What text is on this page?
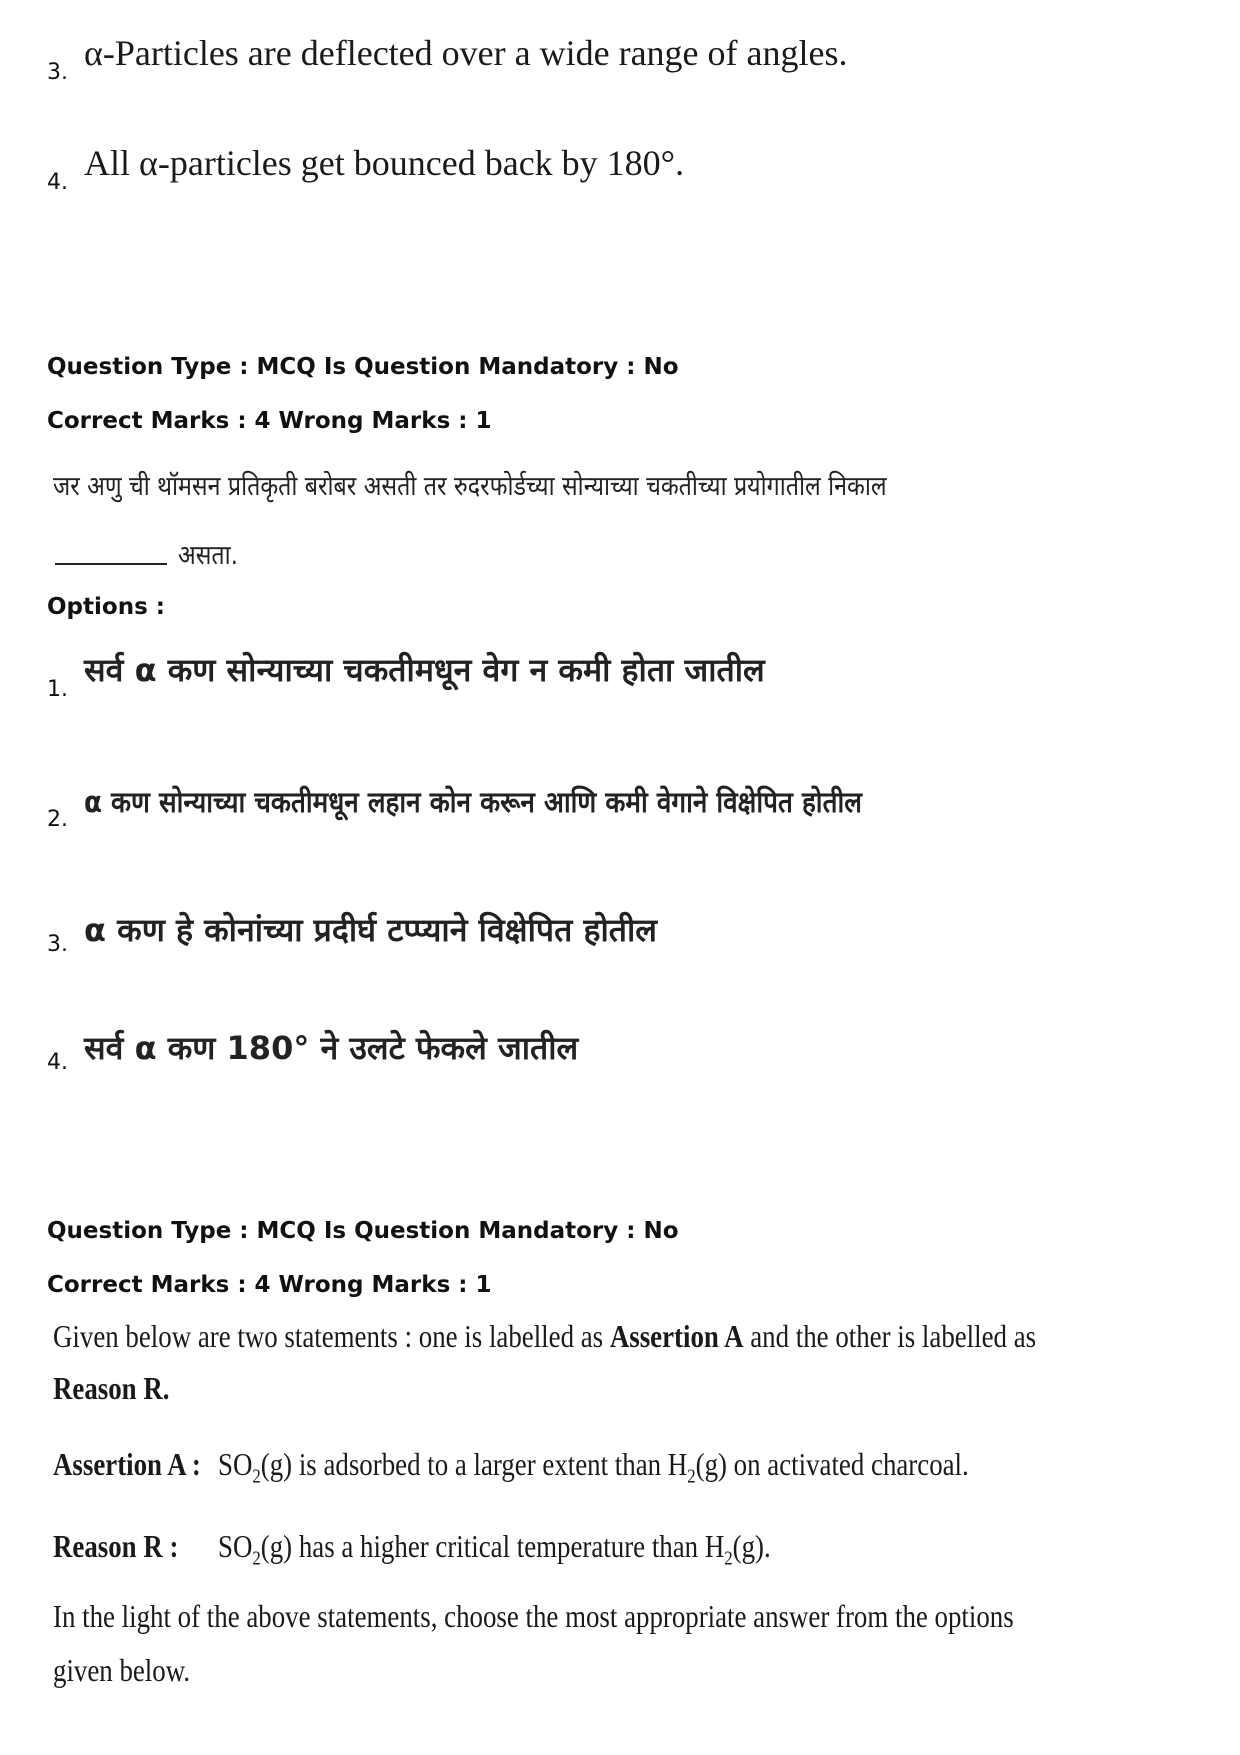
3. α-Particles are deflected over a wide range of angles.
4. All α-particles get bounced back by 180°.
Question Type : MCQ Is Question Mandatory : No
Correct Marks : 4 Wrong Marks : 1
जर अणु ची थॉमसन प्रतिकृती बरोबर असती तर रुदरफोर्डच्या सोन्याच्या चकतीच्या प्रयोगातील निकाल
असता.
Options :
1.
सर्व α कण सोन्याच्या चकतीमधून वेग न कमी होता जातील
2.
α कण सोन्याच्या चकतीमधून लहान कोन करून आणि कमी वेगाने विक्षेपित होतील
3. α कण हे कोनांच्या प्रदीर्घ टप्प्याने विक्षेपित होतील
4. सर्व α कण 180° ने उलटे फेकले जातील
Question Type : MCQ Is Question Mandatory : No
Correct Marks : 4 Wrong Marks : 1
Given below are two statements : one is labelled as Assertion A and the other is labelled as
Reason R.
Assertion A : $SO_2(g)$ is adsorbed to a larger extent than $H_2(g)$ on activated charcoal.
Reason R : $SO_2(g)$ has a higher critical temperature than $H_2(g)$.
In the light of the above statements, choose the most appropriate answer from the options
given below.
